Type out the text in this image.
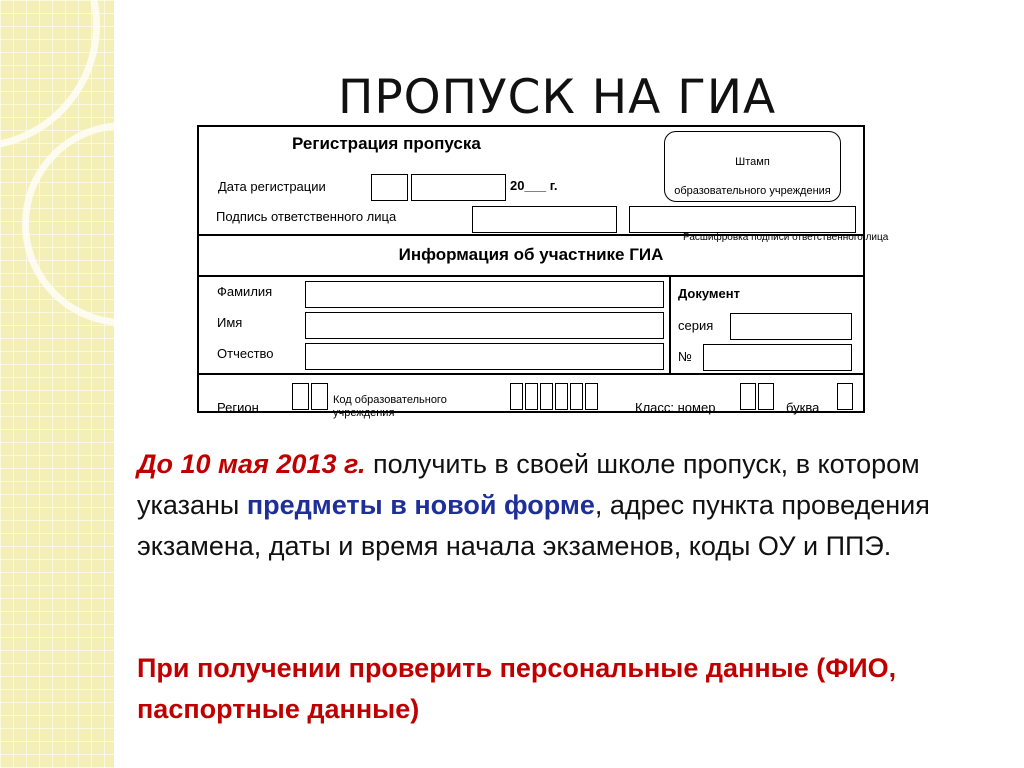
ПРОПУСК НА ГИА
Регистрация пропуска
Дата регистрации	20___ г.
Подпись ответственного лица
Расшифровка подписи ответственного лица
Штамп
образовательного учреждения
Информация об участнике ГИА
Фамилия
Имя
Отчество
Документ
серия
№
Регион	Код образовательного учреждения	Класс: номер	буква

До 10 мая 2013 г. получить в своей школе пропуск, в котором указаны предметы в новой форме, адрес пункта проведения экзамена, даты и время начала экзаменов, коды ОУ и ППЭ.

При получении проверить персональные данные (ФИО, паспортные данные)
